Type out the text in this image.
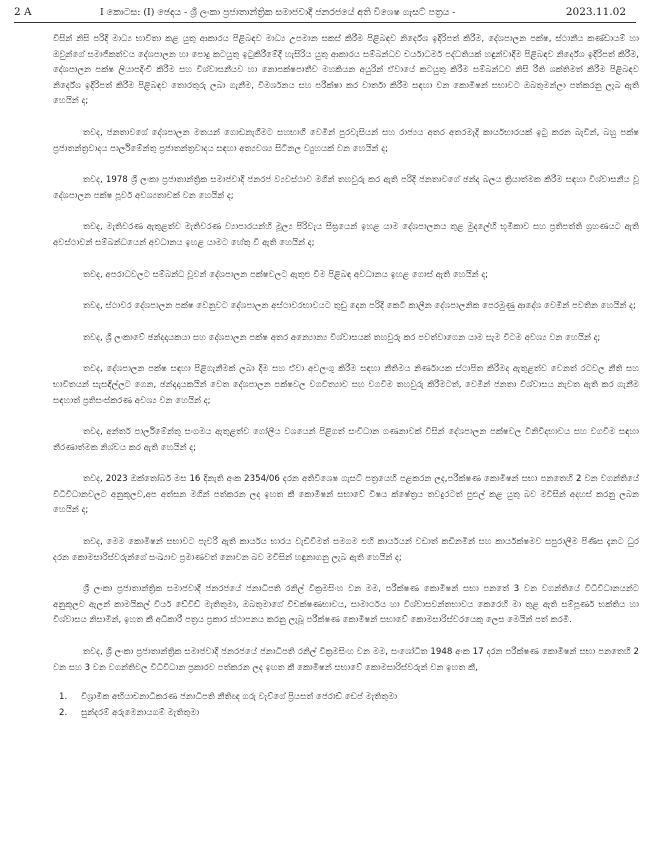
2 A	I කොටස: (I) ඡෙදය - ශ්‍රී ලංකා ප්‍රජාතාන්ත්‍රික සමාජවාදී ජනරජයේ අති විශෙෂ ගැසට් පත්‍රය -	2023.11.02

විසින් නිසි පරිදි මාධ්‍ය භාවිතා කළ යුතු ආකාරය පිළිබඳව මාධ්‍ය උපමාන සකස් කිරීම පිළිබඳව නිර්දේශ ඉදිරිපත් කිරීම, දේශපාලන පක්ෂ, ස්ථානීය කණ්ඩායම් හා ඔවුන්ගේ සමාජිකත්වය දේශපාලන හා පොදු කටයුතු ඉටුකිරීමේදී හැසිරිය යුතු ආකාරය සම්බන්ධව චර්යාධර්ම පද්ධතියක් හඳුන්වාදීම පිළිබඳව නිර්දේශ ඉදිරිපත් කිරීම, දේශපාලන පක්ෂ ලියාපදිංචි කිරීම සහ විශ්වාසනීයව හා නොපක්ෂපාතීව මහකියන අයුරින් ඒවායේ කටයුතු කිරීම සම්බන්ධව නිසි රීති ශක්තිමත් කිරීම පිළිබඳව නිර්දේශ ඉදිරිපත් කිරීම පිළිබඳව තොරතුරු ලබා ගැනීම, විමර්ශනය සහ පරීක්ෂා කර වාර්තා කිරීම සඳහා වන කොමිෂන් සභාවට ඔබතුමන්ලා පත්කරනු ලැබ ඇති හෙයින් ද;

තවද, ජනතාවගේ දේශපාලන මතයන් ගොඩනැගීමට සහභාගී වෙමින් පුරවැසියන් සහ රාජ්‍යය අතර අතරමැදි කාර්යභාරයක් ඉටු කරන බැවින්, බහු පක්ෂ ප්‍රජාතන්ත්‍රවාදය පාර්ලිමේන්තු ප්‍රජාතන්ත්‍රවාදය සඳහා අත්‍යවශ්‍ය සිටිනල ව්‍යුහයක් වන හෙයින් ද;

තවද, 1978 ශ්‍රී ලංකා ප්‍රජාතාන්ත්‍රික සමාජවාදී ජනරජ ව්‍යවස්ථාව මගින් තහවුරු කර ඇති පරිදි ජනතාවගේ ඡන්ද බලය ක්‍රියාත්මක කිරීම සඳහා විශ්වාසනීය වූ දේශපාලන පක්ෂ පූර්ව අවශ්‍යතාවක් වන හෙයින් ද;

තවද, මැතිවරණ ඇතුළත්ව මැතිවරණ ව්‍යාපාරයන්හි මූල්‍ය පිරිවැය සීඝ්‍රයෙන් ඉහළ යාම දේශපාලනය තුළ මුදලේහි භූමිකාව සහ ප්‍රතිපත්ති ග්‍රහණයට ඇති අවස්ථාවන් සම්බන්ධයෙන් අවධානය ඉහළ යාමට හේතු වී ඇති හෙයින් ද;

තවද, අපරාධවලට සම්බන්ධ වූවන් දේශපාලන පක්ෂවලට ඇතුළු වීම පිළිබඳ අවධානය ඉහළ ගොස් ඇති හෙයින් ද;

තවද, ස්ථාවර දේශපාලන පක්ෂ වෙනුවට දේශපාලන අස්ථාවරභාවයට තුඩු දෙන පරිදි කෙටි කාලීන දේශපාලනික පෙරමුණු ආදේශ වෙමින් පවතින හෙයින් ද;

තවද, ශ්‍රී ලංකාවේ ඡන්දදායකයා සහ දේශපාලන පක්ෂ අතර අන්‍යොන්‍ය විශ්වාසයක් තහවුරු කර පවත්වාගෙන යාම සැම විටම අවශ්‍ය වන හෙයින් ද;

තවද, දේශපාලන පක්ෂ සඳහා පිළිගැනීමක් ලබා දීම සහ ඒවා අවලංගු කිරීම සඳහා නීතිමය නිර්ණායක ස්ථාපිත කිරීමද ඇතුළත්ව වෙනත් රටවල නීති සහ භාවිතයන් සැසඳිල්ලට ගෙන, ඡන්දදායකයින් වෙත දේශපාලන පක්ෂවල වගවිත්‍යාව සහ වගවීම තහවුරු කිරීමටත්, වෙමින් ජනතා විශ්වාසය නැවත ඇති කර ගැනීම සඳහාත් ප්‍රතිසංස්කරණ අවශ්‍ය වන හෙයින් ද;

තවද, අන්තර් පාර්ලිමේන්තු සංගමය ඇතුළත්ව ගෝලීය වශයෙන් පිළිගත් සංවිධාන ගණනාවක් විසින් දේශපාලන පක්ෂවල විනිවිදභාවය සහ වගවීම සඳහා තීරණාත්මක නිශ්චය කර ඇති හෙයින් ද;

තවද, 2023 ඔක්තෝබර් මස 16 දිනැති අංක 2354/06 දරන අතිවිශෙෂ ගැසට් පත්‍රයෙහි පළකරන ලද,පරීක්ෂණ කොමිෂන් සභා පනතෙහි 2 වන වගන්තියේ විධිවිධානවලට අනුකූලව,අප අත්සන මගින් පත්කරන ලද ඉහත කී කොමිෂන් සභාවේ විෂය ක්ෂේත්‍රය තවදුරටත් පුළුල් කළ යුතු බව මවිසින් අදහස් කරනු ලබන හෙයින් ද;

තවද, මෙම කොමිෂන් සභාවට පැවරී ඇති කාර්යය භාරය වැඩිවීමත් සමගම එහි කාර්යයන් වඩාත් කඩිනමින් සහ කාර්යක්ෂමව සපුරාලීම පිණිස දැනට ධුර දරන කොමසාරිස්වරුන්ගේ සංඛ්‍යාව ප්‍රමාණවත් නොවන බව මවිසින් හඳුනාගනු ලැබ ඇති හෙයින් ද;

ශ්‍රී ලංකා ප්‍රජාතාන්ත්‍රික සමාජවාදී ජනරජයේ ජනාධිපති රනිල් වික්‍රමසිංහ වන මම, පරීක්ෂණ කොමිෂන් සභා පනතේ 3 වන වගන්තියේ විධිවිධානයන්ට අනුකූලව ඇලන් කාමයිකල් වියර් ඩේවිඩ් මැතිතුමා, ඔබතුමාගේ විචක්ෂණභාවය, සාමාර්ථය හා විශ්වාසවන්තභාවය කෙරෙහි මා තුළ ඇති සම්පූර්ණ භක්තිය හා විශ්වාසය නිසාමින්, ඉහත කී අධිකාරී පත්‍රය ප්‍රකාර ස්ථාපනය කරනු ලැබූ පරීක්ෂණ කොමිෂන් සභාවේ කොමසාරිස්වරයෙකු ලෙස මෙයින් පත් කරමි.

තවද, ශ්‍රී ලංකා ප්‍රජාතාන්ත්‍රික සමාජවාදී ජනරජයේ ජනාධිපති රනිල් වික්‍රමසිංහ වන මම, සංශෝධිත 1948 අංක 17 දරන පරීක්ෂණ කොමිෂන් සභා පනතෙහි 2 වන සහ 3 වන වගන්තිවල විධිවිධාන ප්‍රකාරව පත්කරන ලද ඉහත කී කොමිෂන් සභාවේ කොමසාරිස්වරුන් වන ඉහත කී,

1. විශ්‍රාමික අභියාචනාධිකරණ ජනාධිපති නීතිඥ ගරු වැව්ගේ ප්‍රියසත් ජෙරාඩ් ඩෙප් මැතිතුමා
2. සුන්දරම් අරුමෙනායගම් මැතිතුමා
